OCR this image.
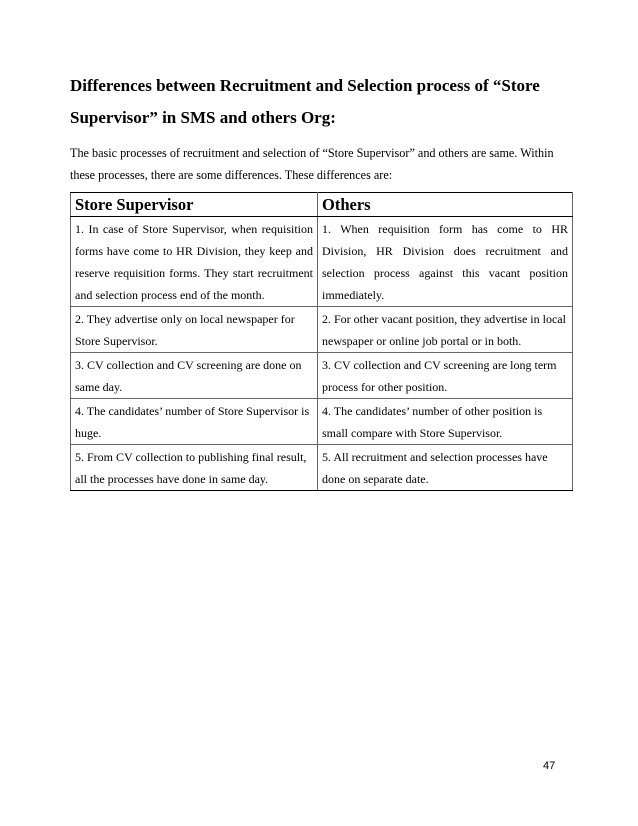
Differences between Recruitment and Selection process of “Store Supervisor” in SMS and others Org:

The basic processes of recruitment and selection of “Store Supervisor” and others are same. Within these processes, there are some differences. These differences are:

Store Supervisor	Others
1. In case of Store Supervisor, when requisition forms have come to HR Division, they keep and reserve requisition forms. They start recruitment and selection process end of the month.	1. When requisition form has come to HR Division, HR Division does recruitment and selection process against this vacant position immediately.
2. They advertise only on local newspaper for Store Supervisor.	2. For other vacant position, they advertise in local newspaper or online job portal or in both.
3. CV collection and CV screening are done on same day.	3. CV collection and CV screening are long term process for other position.
4. The candidates’ number of Store Supervisor is huge.	4. The candidates’ number of other position is small compare with Store Supervisor.
5. From CV collection to publishing final result, all the processes have done in same day.	5. All recruitment and selection processes have done on separate date.
47
